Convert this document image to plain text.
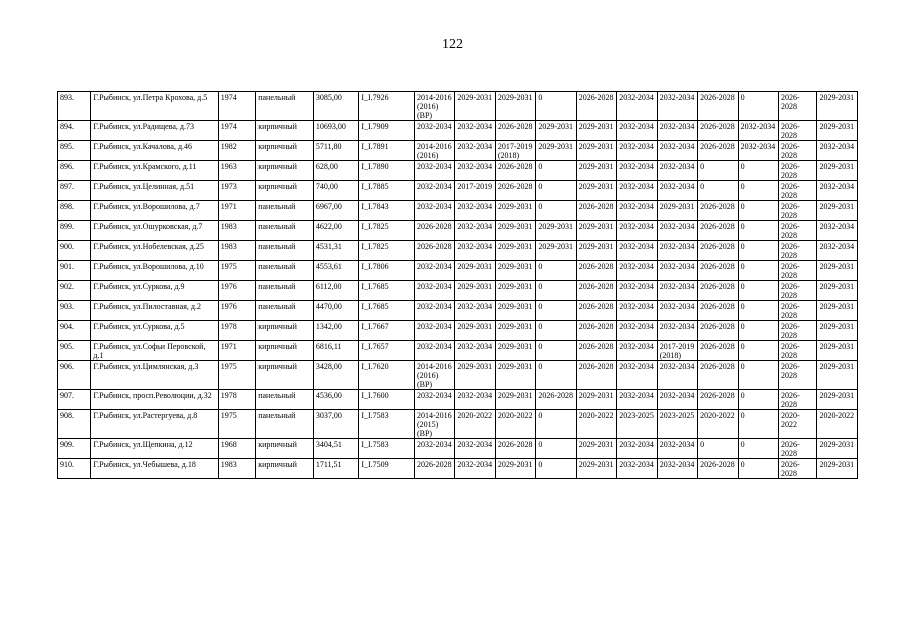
122
893.	Г.Рыбинск, ул.Петра Крохова, д.5	1974	панельный	3085,00	I_I.7926	2014-2016 (2016) (ВР)	2029-2031	2029-2031	0	2026-2028	2032-2034	2032-2034	2026-2028	0	2026-2028	2029-2031
894.	Г.Рыбинск, ул.Радищева, д.73	1974	кирпичный	10693,00	I_I.7909	2032-2034	2032-2034	2026-2028	2029-2031	2029-2031	2032-2034	2032-2034	2026-2028	2032-2034	2026-2028	2029-2031
895.	Г.Рыбинск, ул.Качалова, д.46	1982	кирпичный	5711,80	I_I.7891	2014-2016 (2016)	2032-2034	2017-2019 (2018)	2029-2031	2029-2031	2032-2034	2032-2034	2026-2028	2032-2034	2026-2028	2032-2034
896.	Г.Рыбинск, ул.Крамского, д.11	1963	кирпичный	628,00	I_I.7890	2032-2034	2032-2034	2026-2028	0	2029-2031	2032-2034	2032-2034	0	0	2026-2028	2029-2031
897.	Г.Рыбинск, ул.Целинная, д.51	1973	кирпичный	740,00	I_I.7885	2032-2034	2017-2019	2026-2028	0	2029-2031	2032-2034	2032-2034	0	0	2026-2028	2032-2034
898.	Г.Рыбинск, ул.Ворошилова, д.7	1971	панельный	6967,00	I_I.7843	2032-2034	2032-2034	2029-2031	0	2026-2028	2032-2034	2029-2031	2026-2028	0	2026-2028	2029-2031
899.	Г.Рыбинск, ул.Ошурковская, д.7	1983	панельный	4622,00	I_I.7825	2026-2028	2032-2034	2029-2031	2029-2031	2029-2031	2032-2034	2032-2034	2026-2028	0	2026-2028	2032-2034
900.	Г.Рыбинск, ул.Нобелевская, д.25	1983	панельный	4531,31	I_I.7825	2026-2028	2032-2034	2029-2031	2029-2031	2029-2031	2032-2034	2032-2034	2026-2028	0	2026-2028	2032-2034
901.	Г.Рыбинск, ул.Ворошилова, д.10	1975	панельный	4553,61	I_I.7806	2032-2034	2029-2031	2029-2031	0	2026-2028	2032-2034	2032-2034	2026-2028	0	2026-2028	2029-2031
902.	Г.Рыбинск, ул.Суркова, д.9	1976	панельный	6112,00	I_I.7685	2032-2034	2029-2031	2029-2031	0	2026-2028	2032-2034	2032-2034	2026-2028	0	2026-2028	2029-2031
903.	Г.Рыбинск, ул.Пилоставная, д.2	1976	панельный	4470,00	I_I.7685	2032-2034	2032-2034	2029-2031	0	2026-2028	2032-2034	2032-2034	2026-2028	0	2026-2028	2029-2031
904.	Г.Рыбинск, ул.Суркова, д.5	1978	кирпичный	1342,00	I_I.7667	2032-2034	2029-2031	2029-2031	0	2026-2028	2032-2034	2032-2034	2026-2028	0	2026-2028	2029-2031
905.	Г.Рыбинск, ул.Софьи Перовской, д.1	1971	кирпичный	6816,11	I_I.7657	2032-2034	2032-2034	2029-2031	0	2026-2028	2032-2034	2017-2019 (2018)	2026-2028	0	2026-2028	2029-2031
906.	Г.Рыбинск, ул.Цимлянская, д.3	1975	кирпичный	3428,00	I_I.7620	2014-2016 (2016) (ВР)	2029-2031	2029-2031	0	2026-2028	2032-2034	2032-2034	2026-2028	0	2026-2028	2029-2031
907.	Г.Рыбинск, просп.Революции, д.32	1978	панельный	4536,00	I_I.7600	2032-2034	2032-2034	2029-2031	2026-2028	2029-2031	2032-2034	2032-2034	2026-2028	0	2026-2028	2029-2031
908.	Г.Рыбинск, ул.Растергуева, д.8	1975	панельный	3037,00	I_I.7583	2014-2016 (2015) (ВР)	2020-2022	2020-2022	0	2020-2022	2023-2025	2023-2025	2020-2022	0	2020-2022	2020-2022
909.	Г.Рыбинск, ул.Щепкина, д.12	1968	кирпичный	3404,51	I_I.7583	2032-2034	2032-2034	2026-2028	0	2029-2031	2032-2034	2032-2034	0	0	2026-2028	2029-2031
910.	Г.Рыбинск, ул.Чебышева, д.18	1983	кирпичный	1711,51	I_I.7509	2026-2028	2032-2034	2029-2031	0	2029-2031	2032-2034	2032-2034	2026-2028	0	2026-2028	2029-2031
